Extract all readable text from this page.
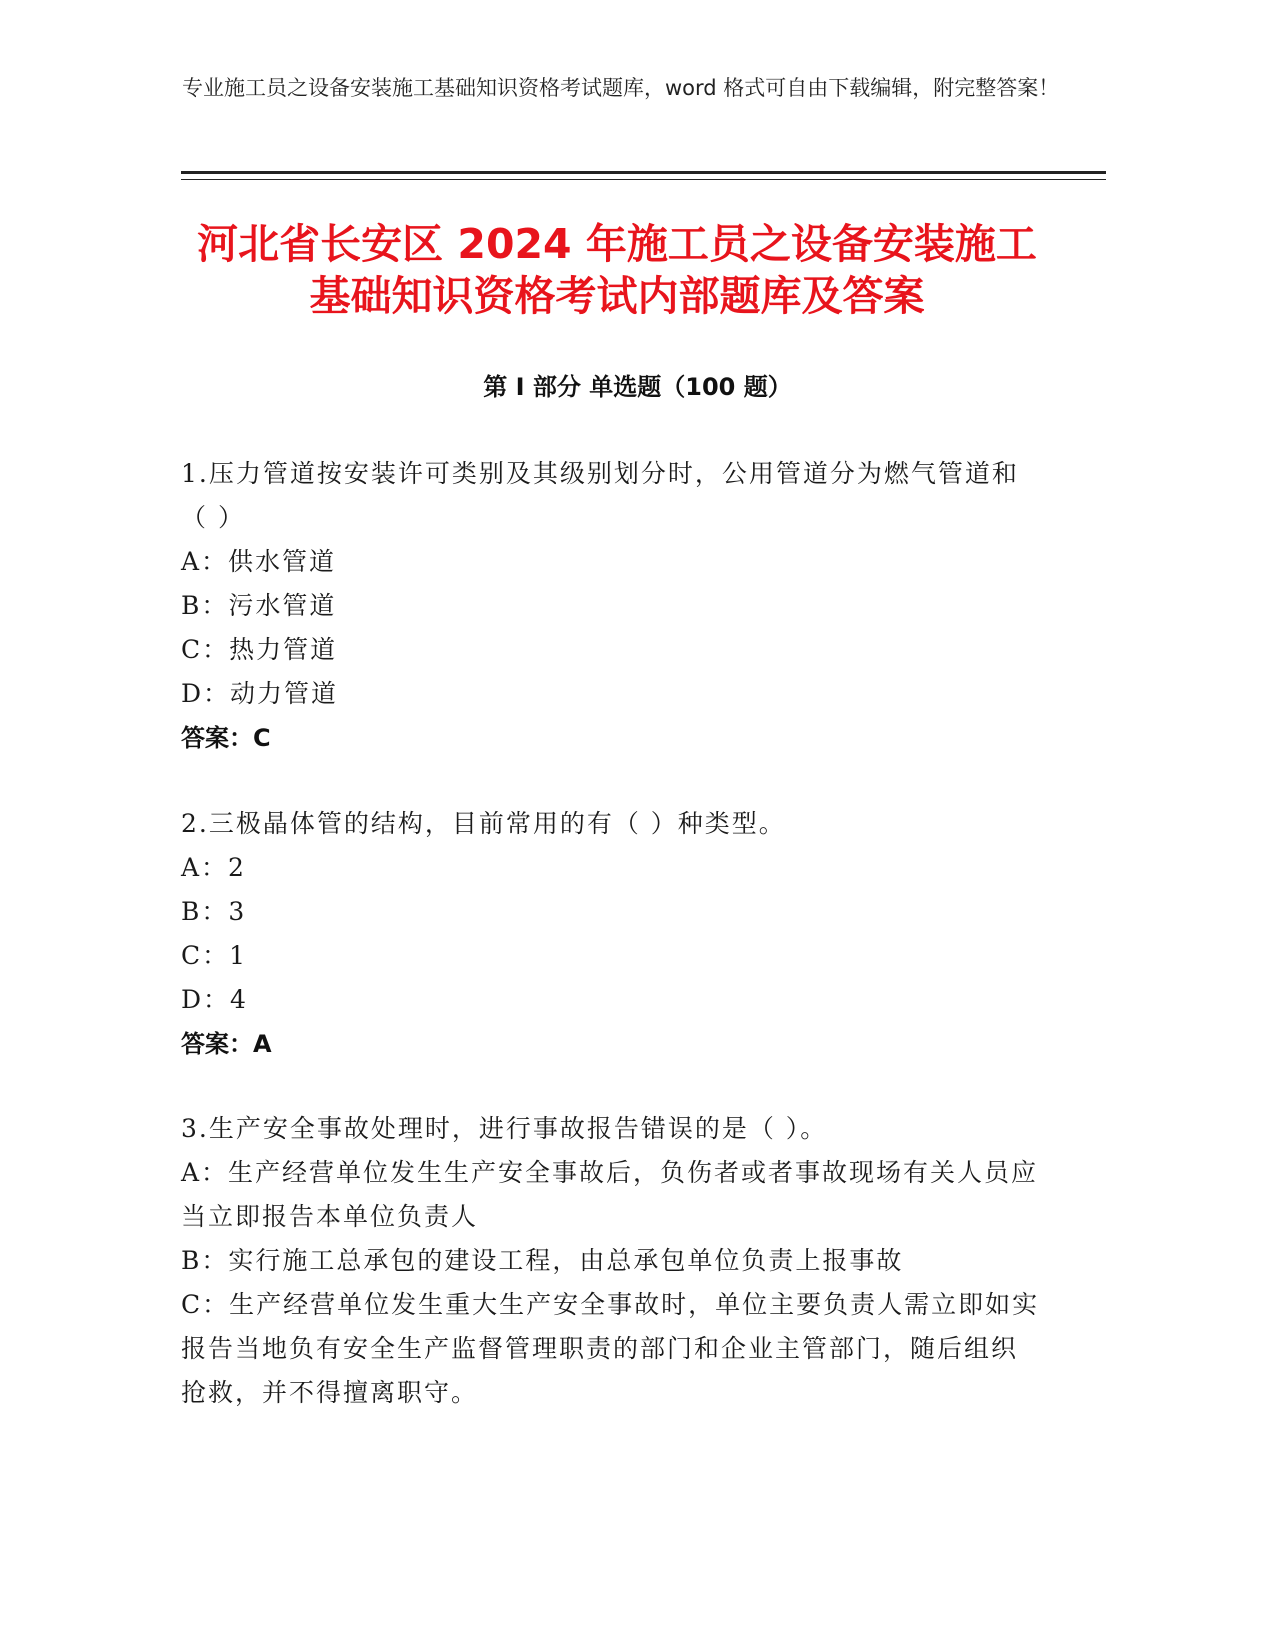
专业施工员之设备安装施工基础知识资格考试题库，word 格式可自由下载编辑，附完整答案！
河北省长安区 2024 年施工员之设备安装施工基础知识资格考试内部题库及答案
第 I 部分 单选题（100 题）
1.压力管道按安装许可类别及其级别划分时，公用管道分为燃气管道和（ ）
A：供水管道
B：污水管道
C：热力管道
D：动力管道
答案：C
2.三极晶体管的结构，目前常用的有（ ）种类型。
A：2
B：3
C：1
D：4
答案：A
3.生产安全事故处理时，进行事故报告错误的是（ ）。
A：生产经营单位发生生产安全事故后，负伤者或者事故现场有关人员应当立即报告本单位负责人
B：实行施工总承包的建设工程，由总承包单位负责上报事故
C：生产经营单位发生重大生产安全事故时，单位主要负责人需立即如实报告当地负有安全生产监督管理职责的部门和企业主管部门，随后组织抢救，并不得擅离职守。
